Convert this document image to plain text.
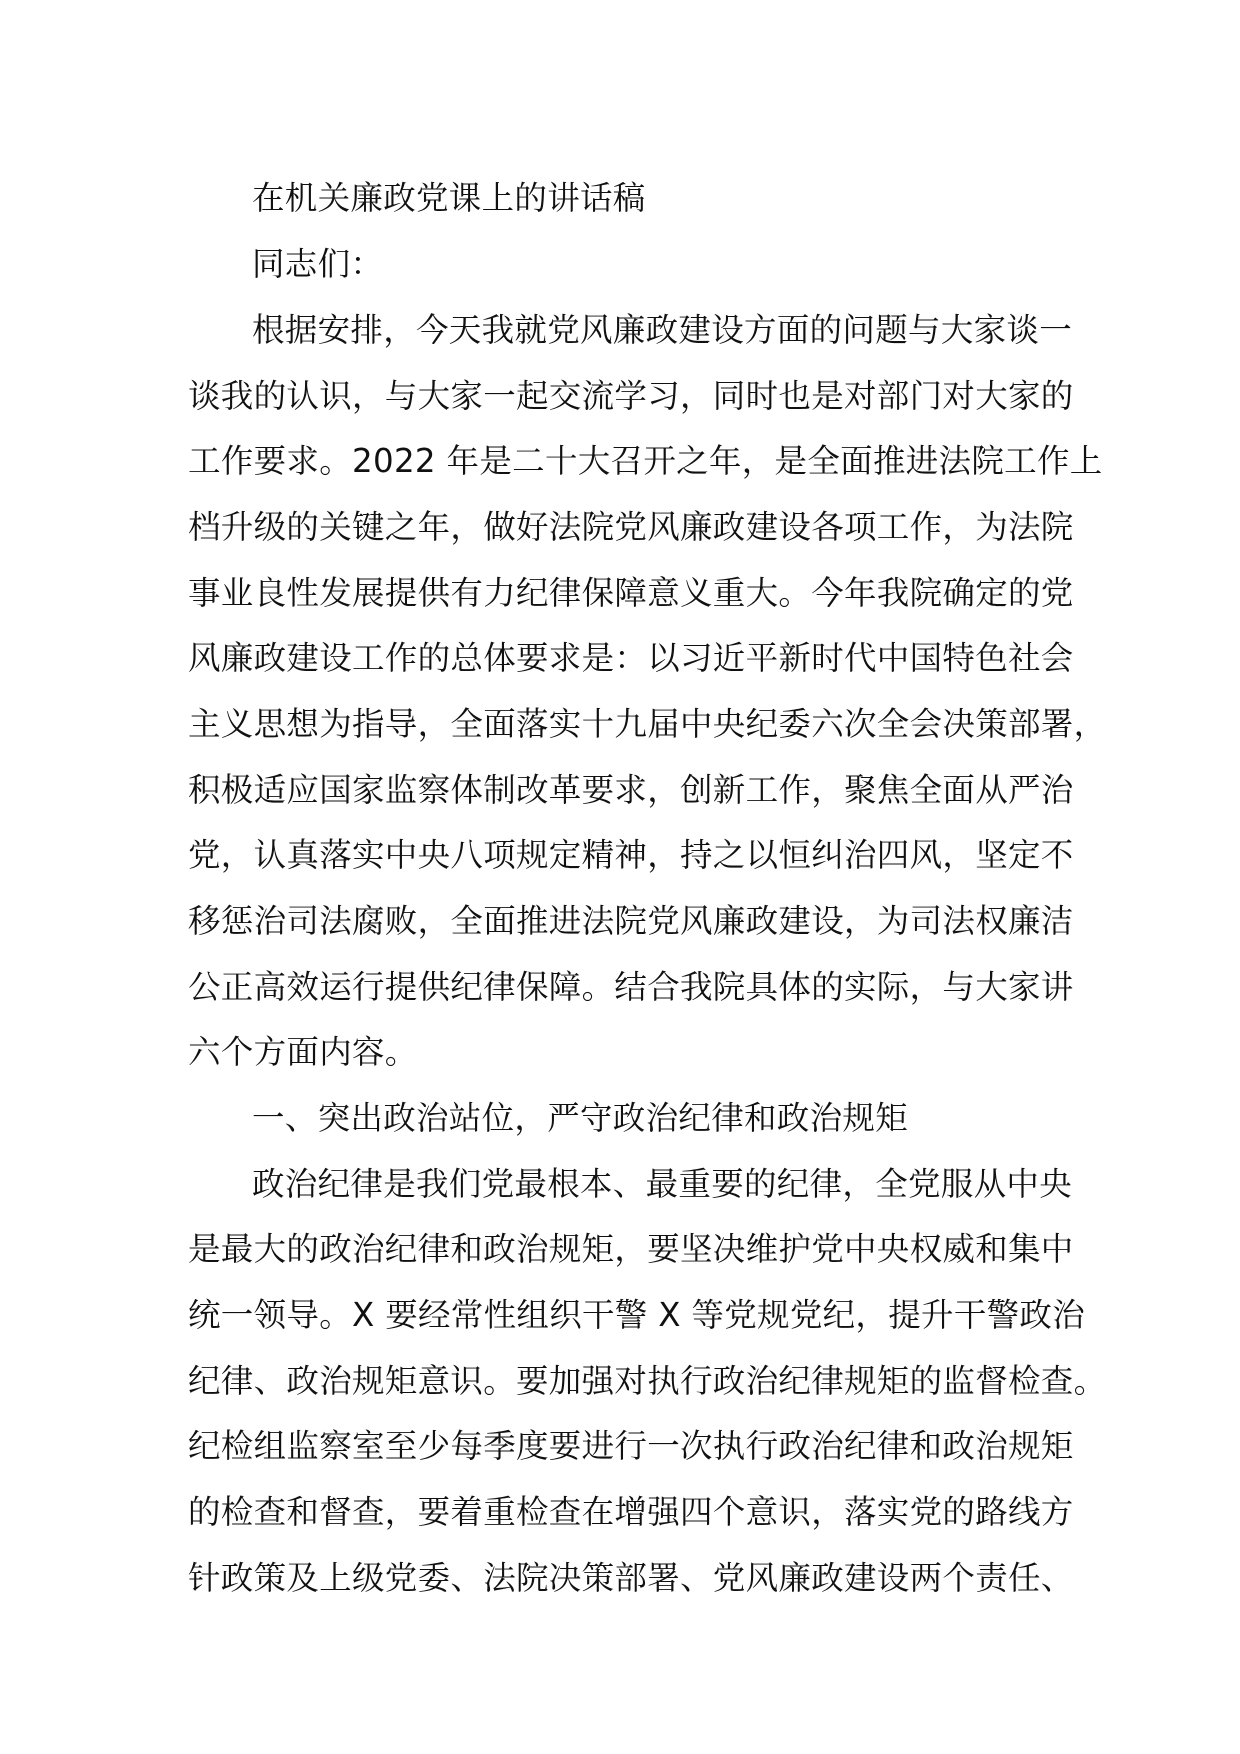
在机关廉政党课上的讲话稿

同志们：

根据安排，今天我就党风廉政建设方面的问题与大家谈一

谈我的认识，与大家一起交流学习，同时也是对部门对大家的

工作要求。2022 年是二十大召开之年，是全面推进法院工作上

档升级的关键之年，做好法院党风廉政建设各项工作，为法院

事业良性发展提供有力纪律保障意义重大。今年我院确定的党

风廉政建设工作的总体要求是：以习近平新时代中国特色社会

主义思想为指导，全面落实十九届中央纪委六次全会决策部署，

积极适应国家监察体制改革要求，创新工作，聚焦全面从严治

党，认真落实中央八项规定精神，持之以恒纠治四风，坚定不

移惩治司法腐败，全面推进法院党风廉政建设，为司法权廉洁

公正高效运行提供纪律保障。结合我院具体的实际，与大家讲

六个方面内容。

一、突出政治站位，严守政治纪律和政治规矩

政治纪律是我们党最根本、最重要的纪律，全党服从中央

是最大的政治纪律和政治规矩，要坚决维护党中央权威和集中

统一领导。X 要经常性组织干警 X 等党规党纪，提升干警政治

纪律、政治规矩意识。要加强对执行政治纪律规矩的监督检查。

纪检组监察室至少每季度要进行一次执行政治纪律和政治规矩

的检查和督查，要着重检查在增强四个意识，落实党的路线方

针政策及上级党委、法院决策部署、党风廉政建设两个责任、
